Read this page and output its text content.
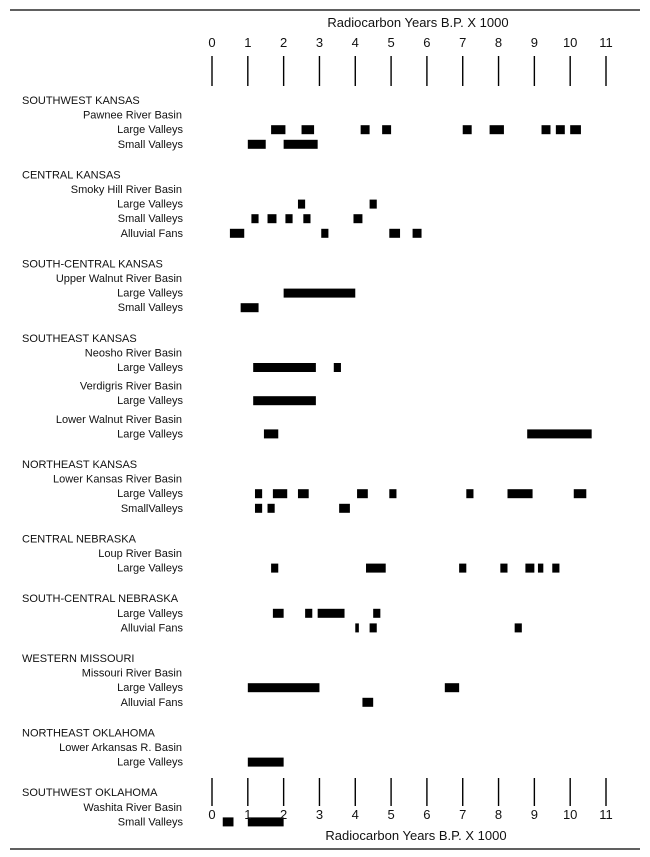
Radiocarbon Years B.P. X 1000
0 1 2 3 4 5 6 7 8 9 10 11
SOUTHWEST KANSAS
Pawnee River Basin
Large Valleys
Small Valleys
CENTRAL KANSAS
Smoky Hill River Basin
Large Valleys
Small Valleys
Alluvial Fans
SOUTH-CENTRAL KANSAS
Upper Walnut River Basin
Large Valleys
Small Valleys
SOUTHEAST KANSAS
Neosho River Basin
Large Valleys
Verdigris River Basin
Large Valleys
Lower Walnut River Basin
Large Valleys
NORTHEAST KANSAS
Lower Kansas River Basin
Large Valleys
SmallValleys
CENTRAL NEBRASKA
Loup River Basin
Large Valleys
SOUTH-CENTRAL NEBRASKA
Large Valleys
Alluvial Fans
WESTERN MISSOURI
Missouri River Basin
Large Valleys
Alluvial Fans
NORTHEAST OKLAHOMA
Lower Arkansas R. Basin
Large Valleys
SOUTHWEST OKLAHOMA
Washita River Basin
Small Valleys
0 1 2 3 4 5 6 7 8 9 10 11
Radiocarbon Years B.P. X 1000
